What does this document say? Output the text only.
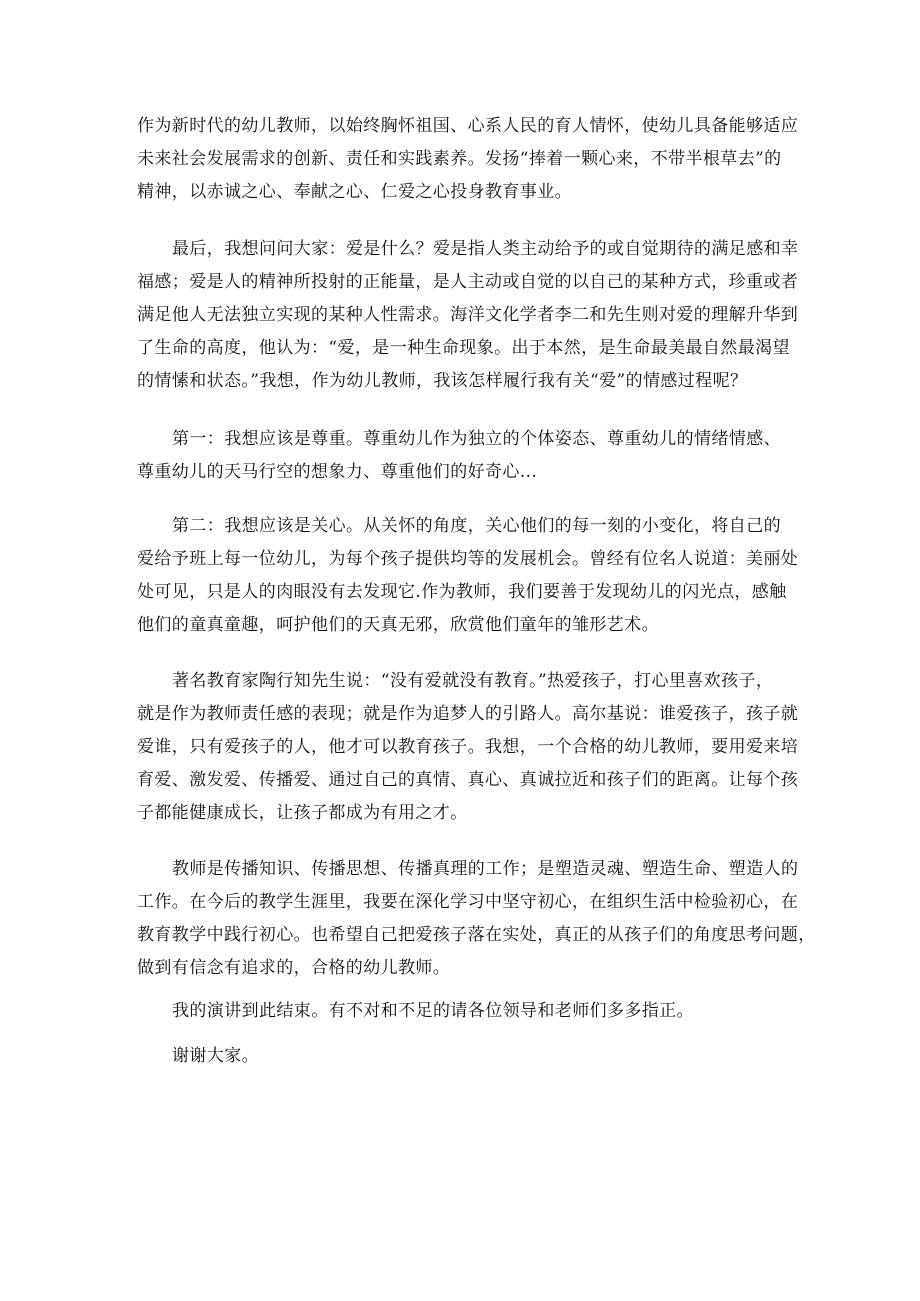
作为新时代的幼儿教师，以始终胸怀祖国、心系人民的育人情怀，使幼儿具备能够适应
未来社会发展需求的创新、责任和实践素养。发扬“捧着一颗心来，不带半根草去”的
精神，以赤诚之心、奉献之心、仁爱之心投身教育事业。

最后，我想问问大家：爱是什么？爱是指人类主动给予的或自觉期待的满足感和幸
福感；爱是人的精神所投射的正能量，是人主动或自觉的以自己的某种方式，珍重或者
满足他人无法独立实现的某种人性需求。海洋文化学者李二和先生则对爱的理解升华到
了生命的高度，他认为：“爱，是一种生命现象。出于本然，是生命最美最自然最渴望
的情愫和状态。”我想，作为幼儿教师，我该怎样履行我有关“爱”的情感过程呢？

第一：我想应该是尊重。尊重幼儿作为独立的个体姿态、尊重幼儿的情绪情感、
尊重幼儿的天马行空的想象力、尊重他们的好奇心...

第二：我想应该是关心。从关怀的角度，关心他们的每一刻的小变化，将自己的
爱给予班上每一位幼儿，为每个孩子提供均等的发展机会。曾经有位名人说道：美丽处
处可见，只是人的肉眼没有去发现它.作为教师，我们要善于发现幼儿的闪光点，感触
他们的童真童趣，呵护他们的天真无邪，欣赏他们童年的雏形艺术。

著名教育家陶行知先生说：“没有爱就没有教育。”热爱孩子，打心里喜欢孩子，
就是作为教师责任感的表现；就是作为追梦人的引路人。高尔基说：谁爱孩子，孩子就
爱谁，只有爱孩子的人，他才可以教育孩子。我想，一个合格的幼儿教师，要用爱来培
育爱、激发爱、传播爱、通过自己的真情、真心、真诚拉近和孩子们的距离。让每个孩
子都能健康成长，让孩子都成为有用之才。

教师是传播知识、传播思想、传播真理的工作；是塑造灵魂、塑造生命、塑造人的
工作。在今后的教学生涯里，我要在深化学习中坚守初心，在组织生活中检验初心，在
教育教学中践行初心。也希望自己把爱孩子落在实处，真正的从孩子们的角度思考问题，
做到有信念有追求的，合格的幼儿教师。

我的演讲到此结束。有不对和不足的请各位领导和老师们多多指正。

谢谢大家。
